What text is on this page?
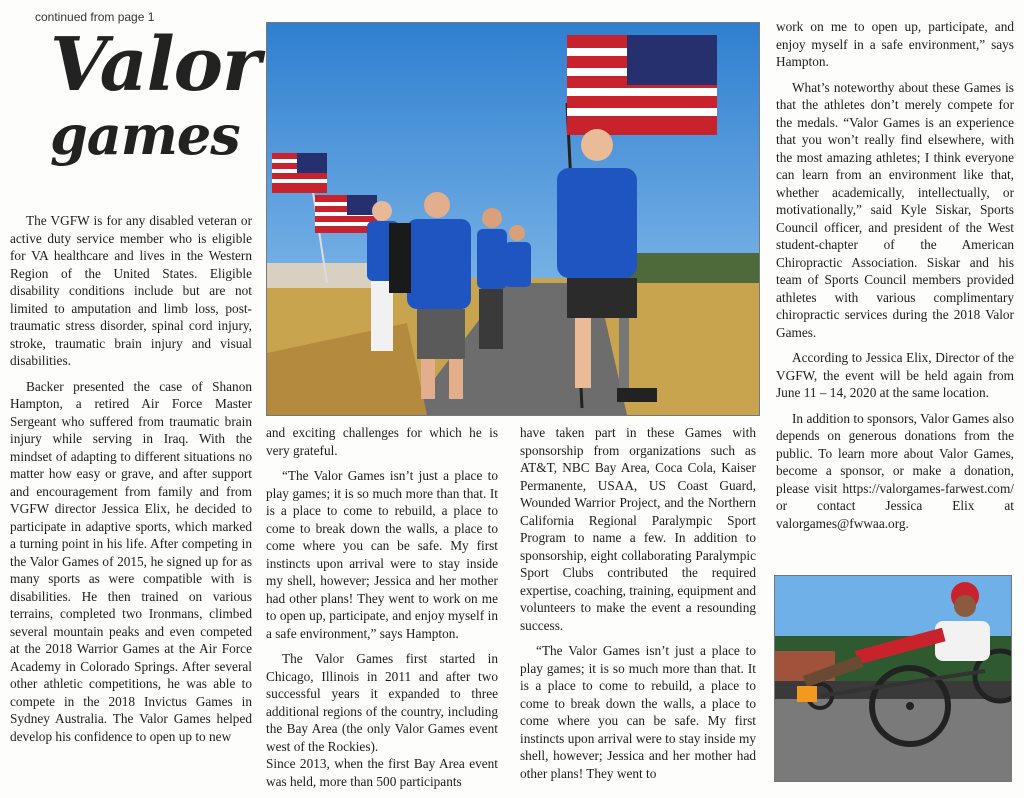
continued from page 1
Valor
games

The VGFW is for any disabled veteran or active duty service member who is eligible for VA healthcare and lives in the Western Region of the United States. Eligible disability conditions include but are not limited to amputation and limb loss, post-traumatic stress disorder, spinal cord injury, stroke, traumatic brain injury and visual disabilities.

Backer presented the case of Shanon Hampton, a retired Air Force Master Sergeant who suffered from traumatic brain injury while serving in Iraq. With the mindset of adapting to different situations no matter how easy or grave, and after support and encouragement from family and from VGFW director Jessica Elix, he decided to participate in adaptive sports, which marked a turning point in his life. After competing in the Valor Games of 2015, he signed up for as many sports as were compatible with is disabilities. He then trained on various terrains, completed two Ironmans, climbed several mountain peaks and even competed at the 2018 Warrior Games at the Air Force Academy in Colorado Springs. After several other athletic competitions, he was able to compete in the 2018 Invictus Games in Sydney Australia. The Valor Games helped develop his confidence to open up to new

and exciting challenges for which he is very grateful.

“The Valor Games isn’t just a place to play games; it is so much more than that. It is a place to come to rebuild, a place to come to break down the walls, a place to come where you can be safe. My first instincts upon arrival were to stay inside my shell, however; Jessica and her mother had other plans! They went to work on me to open up, participate, and enjoy myself in a safe environment,” says Hampton.

The Valor Games first started in Chicago, Illinois in 2011 and after two successful years it expanded to three additional regions of the country, including the Bay Area (the only Valor Games event west of the Rockies).

Since 2013, when the first Bay Area event was held, more than 500 participants

have taken part in these Games with sponsorship from organizations such as AT&T, NBC Bay Area, Coca Cola, Kaiser Permanente, USAA, US Coast Guard, Wounded Warrior Project, and the Northern California Regional Paralympic Sport Program to name a few. In addition to sponsorship, eight collaborating Paralympic Sport Clubs contributed the required expertise, coaching, training, equipment and volunteers to make the event a resounding success.

“The Valor Games isn’t just a place to play games; it is so much more than that. It is a place to come to rebuild, a place to come to break down the walls, a place to come where you can be safe. My first instincts upon arrival were to stay inside my shell, however; Jessica and her mother had other plans! They went to

work on me to open up, participate, and enjoy myself in a safe environment,” says Hampton.

What’s noteworthy about these Games is that the athletes don’t merely compete for the medals. “Valor Games is an experience that you won’t really find elsewhere, with the most amazing athletes; I think everyone can learn from an environment like that, whether academically, intellectually, or motivationally,” said Kyle Siskar, Sports Council officer, and president of the West student-chapter of the American Chiropractic Association. Siskar and his team of Sports Council members provided athletes with various complimentary chiropractic services during the 2018 Valor Games.

According to Jessica Elix, Director of the VGFW, the event will be held again from June 11 – 14, 2020 at the same location.

In addition to sponsors, Valor Games also depends on generous donations from the public. To learn more about Valor Games, become a sponsor, or make a donation, please visit https://valorgames-farwest.com/ or contact Jessica Elix at valorgames@fwwaa.org.
